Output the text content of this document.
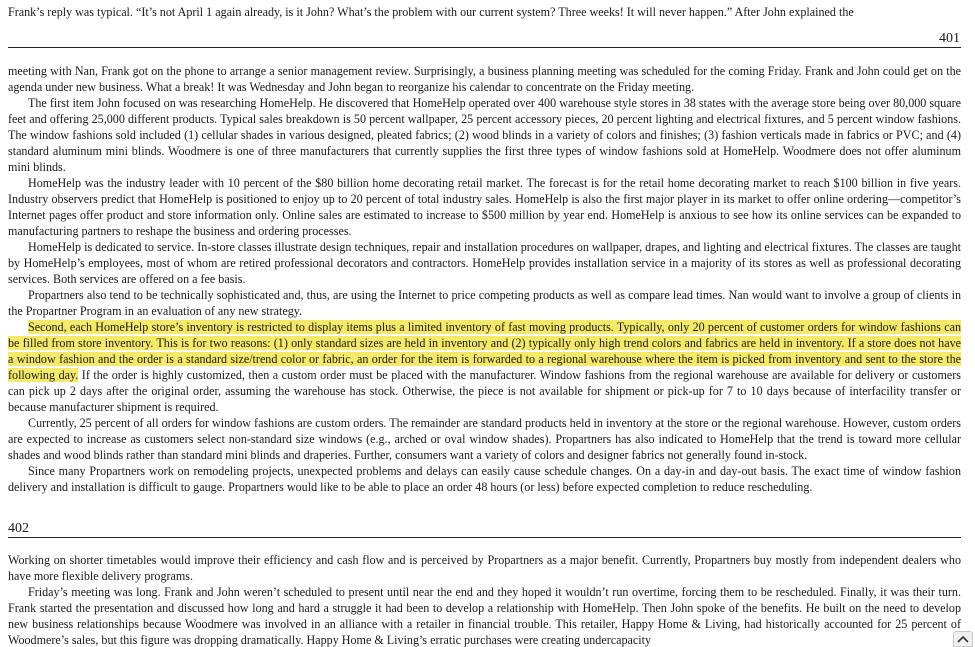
Frank’s reply was typical. “It’s not April 1 again already, is it John? What’s the problem with our current system? Three weeks! It will never happen.” After John explained the

401

meeting with Nan, Frank got on the phone to arrange a senior management review. Surprisingly, a business planning meeting was scheduled for the coming Friday. Frank and John could get on the agenda under new business. What a break! It was Wednesday and John began to reorganize his calendar to concentrate on the Friday meeting.

The first item John focused on was researching HomeHelp. He discovered that HomeHelp operated over 400 warehouse style stores in 38 states with the average store being over 80,000 square feet and offering 25,000 different products. Typical sales breakdown is 50 percent wallpaper, 25 percent accessory pieces, 20 percent lighting and electrical fixtures, and 5 percent window fashions. The window fashions sold included (1) cellular shades in various designed, pleated fabrics; (2) wood blinds in a variety of colors and finishes; (3) fashion verticals made in fabrics or PVC; and (4) standard aluminum mini blinds. Woodmere is one of three manufacturers that currently supplies the first three types of window fashions sold at HomeHelp. Woodmere does not offer aluminum mini blinds.

HomeHelp was the industry leader with 10 percent of the $80 billion home decorating retail market. The forecast is for the retail home decorating market to reach $100 billion in five years. Industry observers predict that HomeHelp is positioned to enjoy up to 20 percent of total industry sales. HomeHelp is also the first major player in its market to offer online ordering—competitor’s Internet pages offer product and store information only. Online sales are estimated to increase to $500 million by year end. HomeHelp is anxious to see how its online services can be expanded to manufacturing partners to reshape the business and ordering processes.

HomeHelp is dedicated to service. In-store classes illustrate design techniques, repair and installation procedures on wallpaper, drapes, and lighting and electrical fixtures. The classes are taught by HomeHelp’s employees, most of whom are retired professional decorators and contractors. HomeHelp provides installation service in a majority of its stores as well as professional decorating services. Both services are offered on a fee basis.

Propartners also tend to be technically sophisticated and, thus, are using the Internet to price competing products as well as compare lead times. Nan would want to involve a group of clients in the Propartner Program in an evaluation of any new strategy.

Second, each HomeHelp store’s inventory is restricted to display items plus a limited inventory of fast moving products. Typically, only 20 percent of customer orders for window fashions can be filled from store inventory. This is for two reasons: (1) only standard sizes are held in inventory and (2) typically only high trend colors and fabrics are held in inventory. If a store does not have a window fashion and the order is a standard size/trend color or fabric, an order for the item is forwarded to a regional warehouse where the item is picked from inventory and sent to the store the following day. If the order is highly customized, then a custom order must be placed with the manufacturer. Window fashions from the regional warehouse are available for delivery or customers can pick up 2 days after the original order, assuming the warehouse has stock. Otherwise, the piece is not available for shipment or pick-up for 7 to 10 days because of interfacility transfer or because manufacturer shipment is required.

Currently, 25 percent of all orders for window fashions are custom orders. The remainder are standard products held in inventory at the store or the regional warehouse. However, custom orders are expected to increase as customers select non-standard size windows (e.g., arched or oval window shades). Propartners has also indicated to HomeHelp that the trend is toward more cellular shades and wood blinds rather than standard mini blinds and draperies. Further, consumers want a variety of colors and designer fabrics not generally found in-stock.

Since many Propartners work on remodeling projects, unexpected problems and delays can easily cause schedule changes. On a day-in and day-out basis. The exact time of window fashion delivery and installation is difficult to gauge. Propartners would like to be able to place an order 48 hours (or less) before expected completion to reduce rescheduling.

402

Working on shorter timetables would improve their efficiency and cash flow and is perceived by Propartners as a major benefit. Currently, Propartners buy mostly from independent dealers who have more flexible delivery programs.

Friday’s meeting was long. Frank and John weren’t scheduled to present until near the end and they hoped it wouldn’t run overtime, forcing them to be rescheduled. Finally, it was their turn. Frank started the presentation and discussed how long and hard a struggle it had been to develop a relationship with HomeHelp. Then John spoke of the benefits. He built on the need to develop new business relationships because Woodmere was involved in an alliance with a retailer in financial trouble. This retailer, Happy Home & Living, had historically accounted for 25 percent of Woodmere’s sales, but this figure was dropping dramatically. Happy Home & Living’s erratic purchases were creating undercapacity
